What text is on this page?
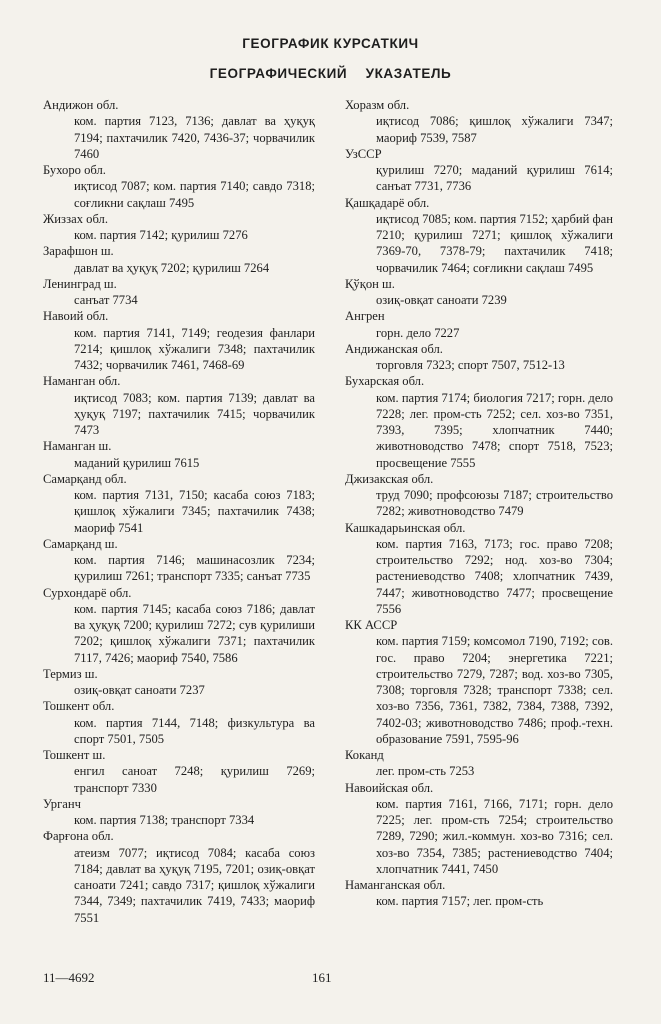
ГЕОГРАФИК КУРСАТКИЧ
ГЕОГРАФИЧЕСКИЙ УКАЗАТЕЛЬ
Андижон обл.
ком. партия 7123, 7136; давлат ва ҳуқуқ 7194; пахтачилик 7420, 7436-37; чорвачилик 7460
Бухоро обл.
иқтисод 7087; ком. партия 7140; савдо 7318; соғликни сақлаш 7495
Жиззах обл.
ком. партия 7142; қурилиш 7276
Зарафшон ш.
давлат ва ҳуқуқ 7202; қурилиш 7264
Ленинград ш.
санъат 7734
Навоий обл.
ком. партия 7141, 7149; геодезия фанлари 7214; қишлоқ хўжалиги 7348; пахтачилик 7432; чорвачилик 7461, 7468-69
Наманган обл.
иқтисод 7083; ком. партия 7139; давлат ва ҳуқуқ 7197; пахтачилик 7415; чорвачилик 7473
Наманган ш.
маданий қурилиш 7615
Самарқанд обл.
ком. партия 7131, 7150; касаба союз 7183; қишлоқ хўжалиги 7345; пахтачилик 7438; маориф 7541
Самарқанд ш.
ком. партия 7146; машинасозлик 7234; қурилиш 7261; транспорт 7335; санъат 7735
Сурхондарё обл.
ком. партия 7145; касаба союз 7186; давлат ва ҳуқуқ 7200; қурилиш 7272; сув қурилиши 7202; қишлоқ хўжалиги 7371; пахтачилик 7117, 7426; маориф 7540, 7586
Термиз ш.
озиқ-овқат саноати 7237
Тошкент обл.
ком. партия 7144, 7148; физкультура ва спорт 7501, 7505
Тошкент ш.
енгил саноат 7248; қурилиш 7269; транспорт 7330
Урганч
ком. партия 7138; транспорт 7334
Фарғона обл.
атеизм 7077; иқтисод 7084; касаба союз 7184; давлат ва ҳуқуқ 7195, 7201; озиқ-овқат саноати 7241; савдо 7317; қишлоқ хўжалиги 7344, 7349; пахтачилик 7419, 7433; маориф 7551
Хоразм обл.
иқтисод 7086; қишлоқ хўжалиги 7347; маориф 7539, 7587
УзССР
қурилиш 7270; маданий қурилиш 7614; санъат 7731, 7736
Қашқадарё обл.
иқтисод 7085; ком. партия 7152; ҳарбий фан 7210; қурилиш 7271; қишлоқ хўжалиги 7369-70, 7378-79; пахтачилик 7418; чорвачилик 7464; соғликни сақлаш 7495
Қўқон ш.
озиқ-овқат саноати 7239
Ангрен
горн. дело 7227
Андижанская обл.
торговля 7323; спорт 7507, 7512-13
Бухарская обл.
ком. партия 7174; биология 7217; горн. дело 7228; лег. пром-сть 7252; сел. хоз-во 7351, 7393, 7395; хлопчатник 7440; животноводство 7478; спорт 7518, 7523; просвещение 7555
Джизакская обл.
труд 7090; профсоюзы 7187; строительство 7282; животноводство 7479
Кашкадарьинская обл.
ком. партия 7163, 7173; гос. право 7208; строительство 7292; нод. хоз-во 7304; растениеводство 7408; хлопчатник 7439, 7447; животноводство 7477; просвещение 7556
КК АССР
ком. партия 7159; комсомол 7190, 7192; сов. гос. право 7204; энергетика 7221; строительство 7279, 7287; вод. хоз-во 7305, 7308; торговля 7328; транспорт 7338; сел. хоз-во 7356, 7361, 7382, 7384, 7388, 7392, 7402-03; животноводство 7486; проф.-техн. образование 7591, 7595-96
Коканд
лег. пром-сть 7253
Навоийская обл.
ком. партия 7161, 7166, 7171; горн. дело 7225; лег. пром-сть 7254; строительство 7289, 7290; жил.-коммун. хоз-во 7316; сел. хоз-во 7354, 7385; растениеводство 7404; хлопчатник 7441, 7450
Наманганская обл.
ком. партия 7157; лег. пром-сть
11—4692	161
